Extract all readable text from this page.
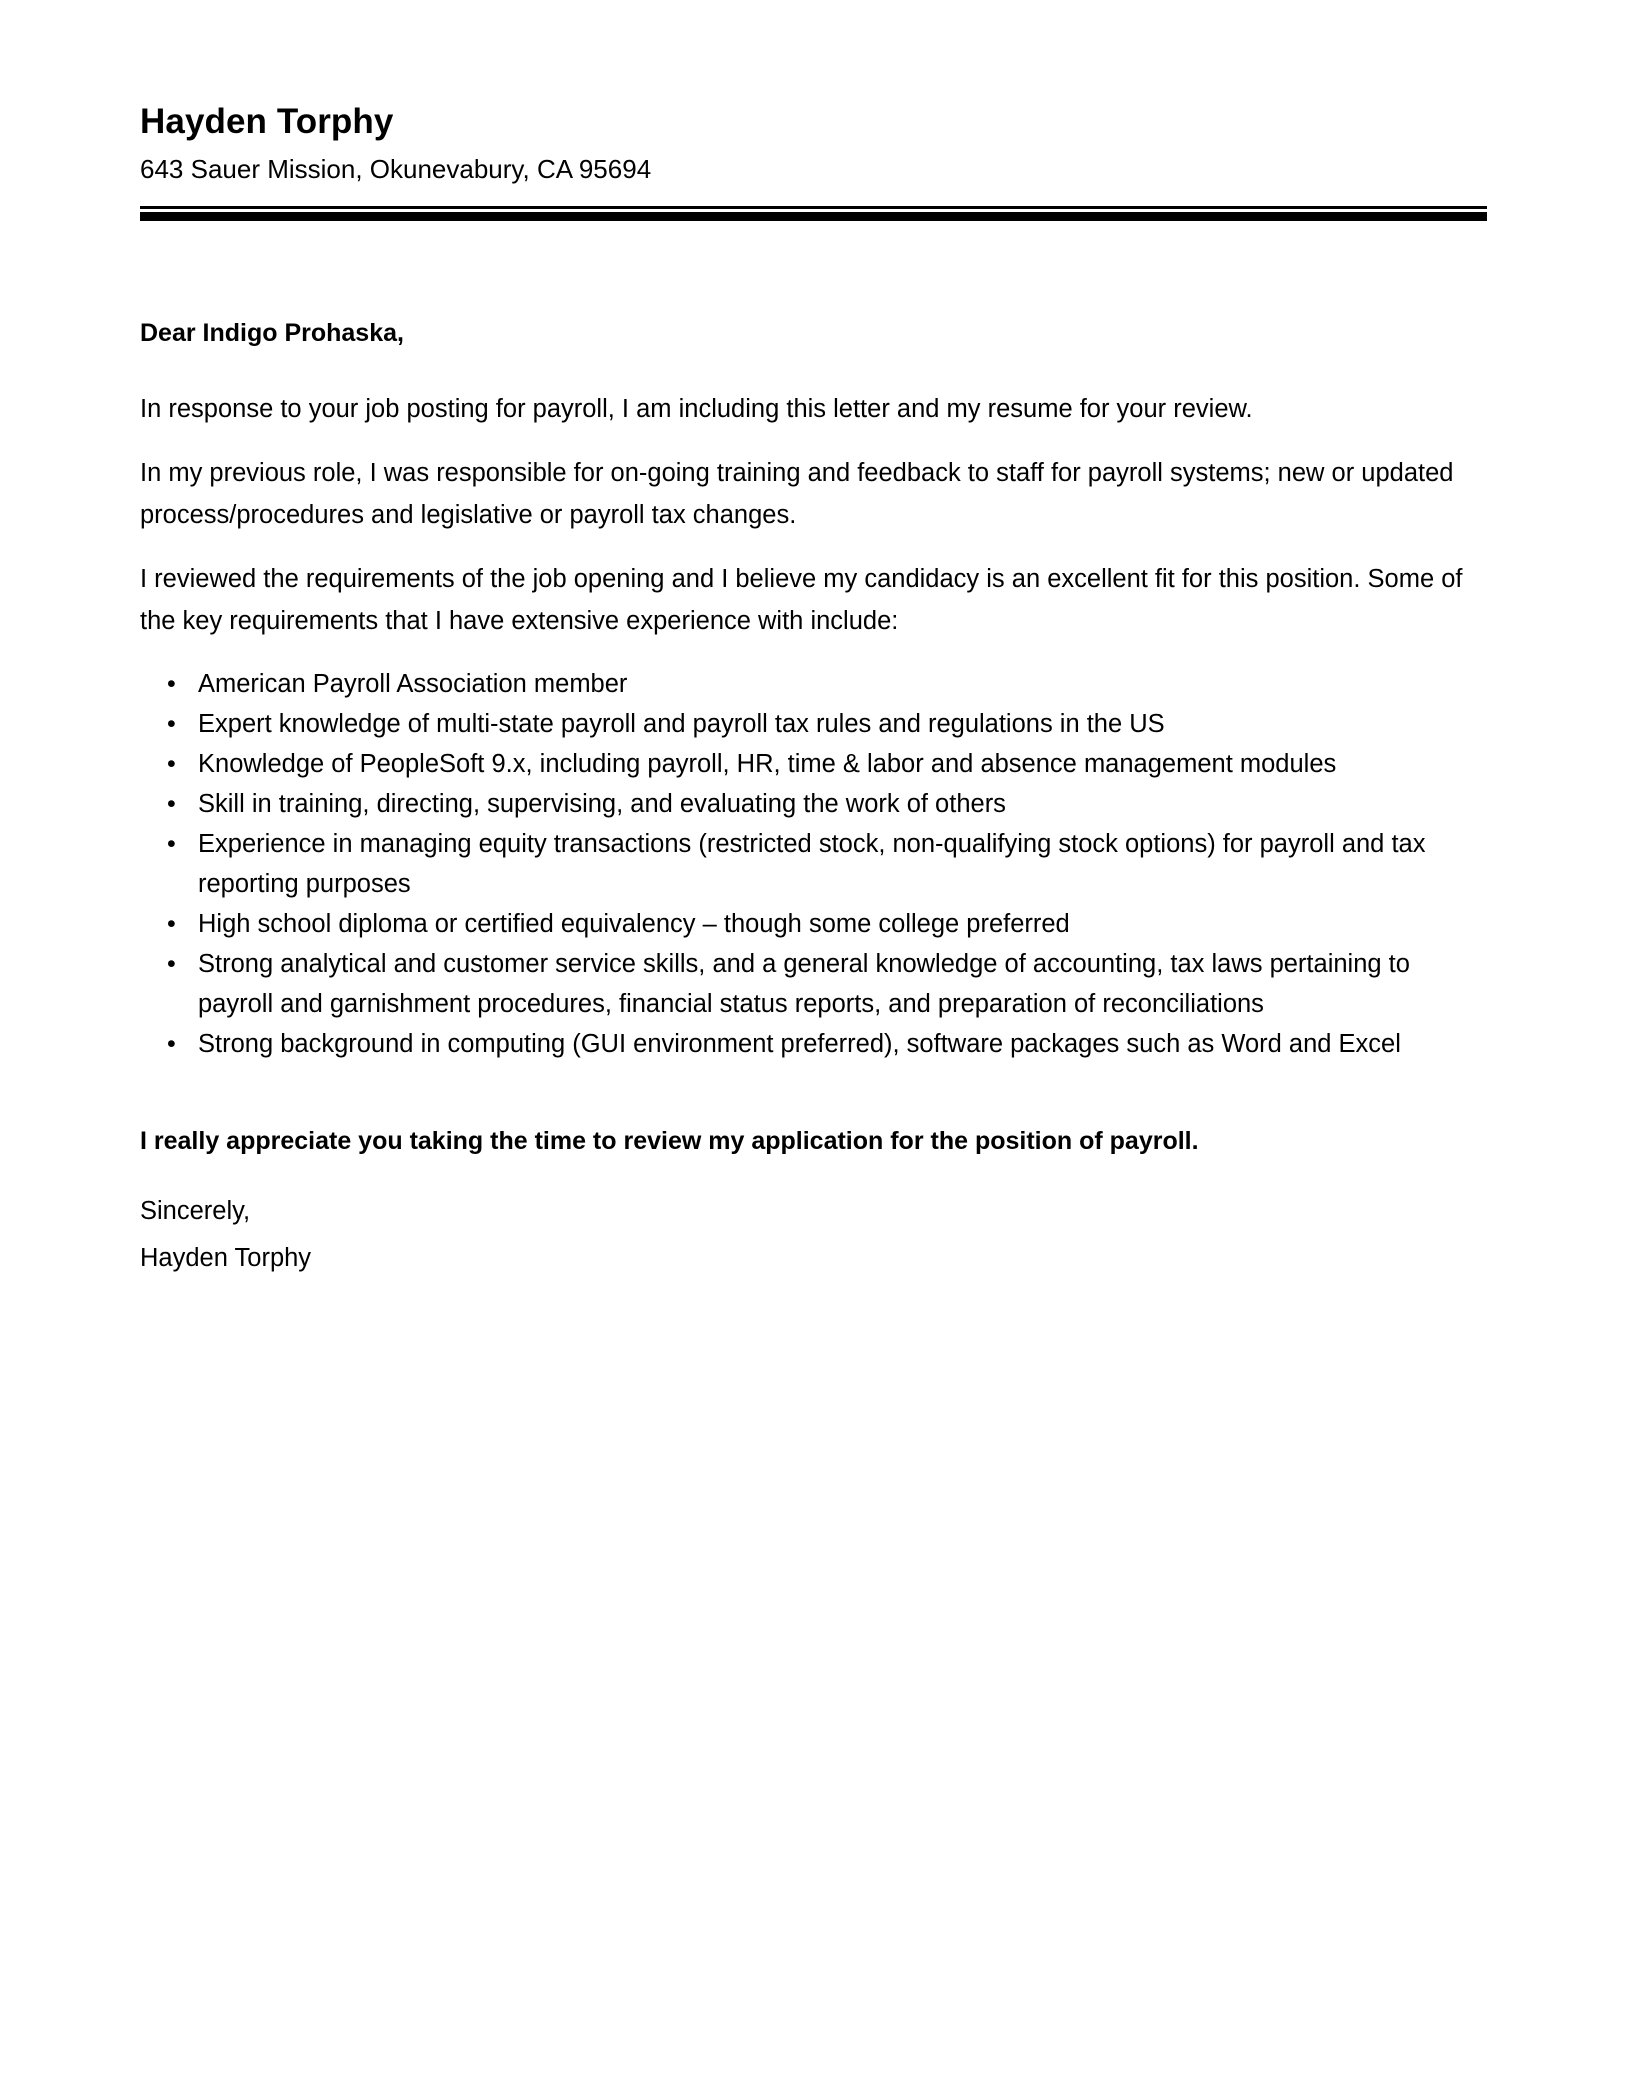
Hayden Torphy
643 Sauer Mission, Okunevabury, CA 95694

Dear Indigo Prohaska,

In response to your job posting for payroll, I am including this letter and my resume for your review.

In my previous role, I was responsible for on-going training and feedback to staff for payroll systems; new or updated process/procedures and legislative or payroll tax changes.

I reviewed the requirements of the job opening and I believe my candidacy is an excellent fit for this position. Some of the key requirements that I have extensive experience with include:

• American Payroll Association member
• Expert knowledge of multi-state payroll and payroll tax rules and regulations in the US
• Knowledge of PeopleSoft 9.x, including payroll, HR, time & labor and absence management modules
• Skill in training, directing, supervising, and evaluating the work of others
• Experience in managing equity transactions (restricted stock, non-qualifying stock options) for payroll and tax reporting purposes
• High school diploma or certified equivalency – though some college preferred
• Strong analytical and customer service skills, and a general knowledge of accounting, tax laws pertaining to payroll and garnishment procedures, financial status reports, and preparation of reconciliations
• Strong background in computing (GUI environment preferred), software packages such as Word and Excel

I really appreciate you taking the time to review my application for the position of payroll.

Sincerely,

Hayden Torphy
